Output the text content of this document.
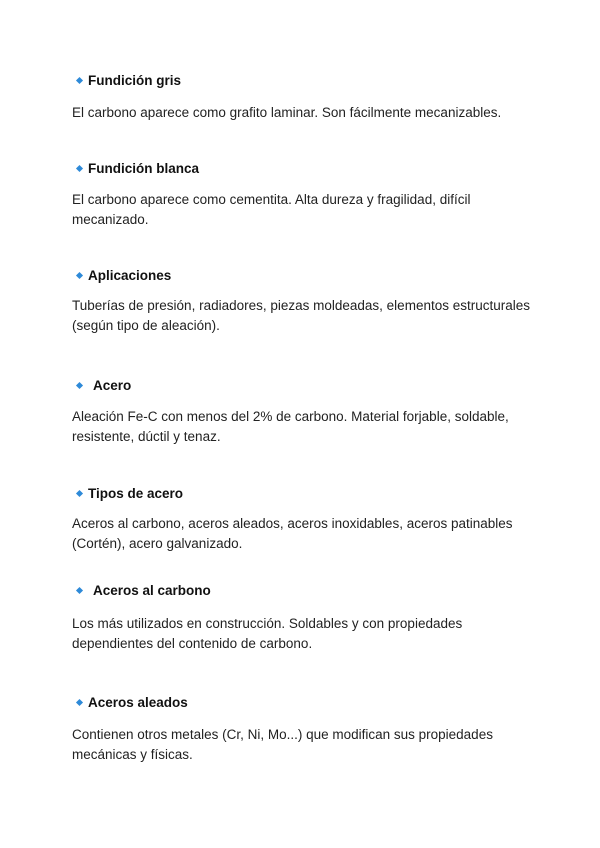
Fundición gris
El carbono aparece como grafito laminar. Son fácilmente mecanizables.
Fundición blanca
El carbono aparece como cementita. Alta dureza y fragilidad, difícil mecanizado.
Aplicaciones
Tuberías de presión, radiadores, piezas moldeadas, elementos estructurales (según tipo de aleación).
Acero
Aleación Fe-C con menos del 2% de carbono. Material forjable, soldable, resistente, dúctil y tenaz.
Tipos de acero
Aceros al carbono, aceros aleados, aceros inoxidables, aceros patinables (Cortén), acero galvanizado.
Aceros al carbono
Los más utilizados en construcción. Soldables y con propiedades dependientes del contenido de carbono.
Aceros aleados
Contienen otros metales (Cr, Ni, Mo...) que modifican sus propiedades mecánicas y físicas.
